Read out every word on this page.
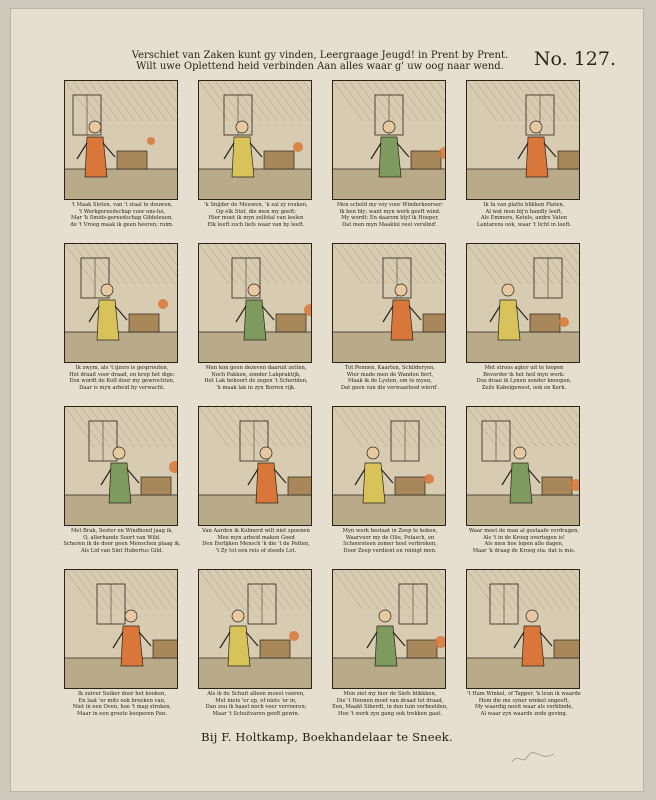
Verschiet van Zaken kunt gy vinden, Leergraage Jeugd! in Prent by Prent.
Wilt uwe Oplettend heid verbinden Aan alles waar g' uw oog naar wend.	No. 127.
't Maak Sloten, van 't staal te douwen,
't Werkgereedschap voor ons-lui,
Mar 'k Smids-gereedschap Gildeleuen,
de 't Vroeg maak ik geen heeren; ruim.
'k Snijder de Mouwen, 'k zal zy rouken,
Op elk Stof, die men my geeft;
Hier moet ik myn zelfstal van leelen
Elk leeft zoch liefs waar van hy leeft.
Men scheld my voy voor Winderkoorser:
Ik ben bly; want myn werk geeft wind.
My wordt: En daarom blyf ik Hoeper,
Dat men myn Maakloi veel verslind'.
Ik fa van platte blikken Platen,
Al wat men bij'n handly leeft,
Als Emmers, Ketels, andre Vaten
Lantarens ook, waar 't licht in leeft.
Ik zwym, als 't ijzers is gesprouten,
Het draait voor draad, en krop het dige:
Een wordt de Kolf door my gewrochten,
Daar is myn arbeid by verwacht.
Men kon geen dezeven daaruit zetten,
Noch Pakken, zonder Lakpraktijk,
Het Lak behoort de zegen 't Scheriden,
'k maak lak in zyn Borren rijk.
Tot Pennen, Kaarten, Schilderyen,
Wier made men de Wanden fiert,
Maak ik de Lysten, om te myen,
Dat geen van die verwaarlosd wierd'.
Met stroos agter uit te loopen
Bevorder ik het heil myn werk:
Dus draai ik Lynen zonder knoopen,
Zeils Kabelgewest, ook en Kerk.
Met Brak, Sester en Windhond jaag ik,
O, allerhande Soort van Wild.
Scheren ik de door geen Menschen plaag ik,
Als Lid van Sint Hubertus Gild.
Van Aarden ik Kolmerd wilt niet spoenen
Mee myn arbeid maken Goed
Den Eerlijken Mensch 'k die 't de Potten,
't Zy tot een reis of steeds Lot.
Myn werk bestaat in Zeep te koken,
Waarvoor my de Olie, Potasch, en
Schoorsteen zomer heel verbroken,
Door Zeep verdient en reinigt men.
Waar moet de man al gestaafe verdragen,
Als 't in de Kroeg overtogen is!
Als men hoe lopen alle dagen,
Maar 'k draag de Kroeg sta: dat is mis.
Ik zuiver Suiker door het kooken,
En laat 'er mits ook breeken van,
Niet in een Oven, hoe 't mag stroken,
Maar in een groote kooperen Pan.
Als ik de Schuit alleen moest voeren,
Met niets 'er op, of niets 'er in,
Dan zou ik haast noch veer verroeren;
Maar 't Schuitvaren geeft gewin.
Men ziet my hier de Siefs blikkken,
Die 't Hennen moet van draad tot draad,
Een, Maakt Siberdt, in den tuin verbeelden,
Hoe 't werk zyn gang ook trekken gaat.
't Ham Winkel, of Tapper, 'k leun ik waarde
Hem die me syner winkel ongeeft,
My waardig nooit waar als verblinde,
Al waar zyn waarde zede geving.
Bij F. Holtkamp, Boekhandelaar te Sneek.
